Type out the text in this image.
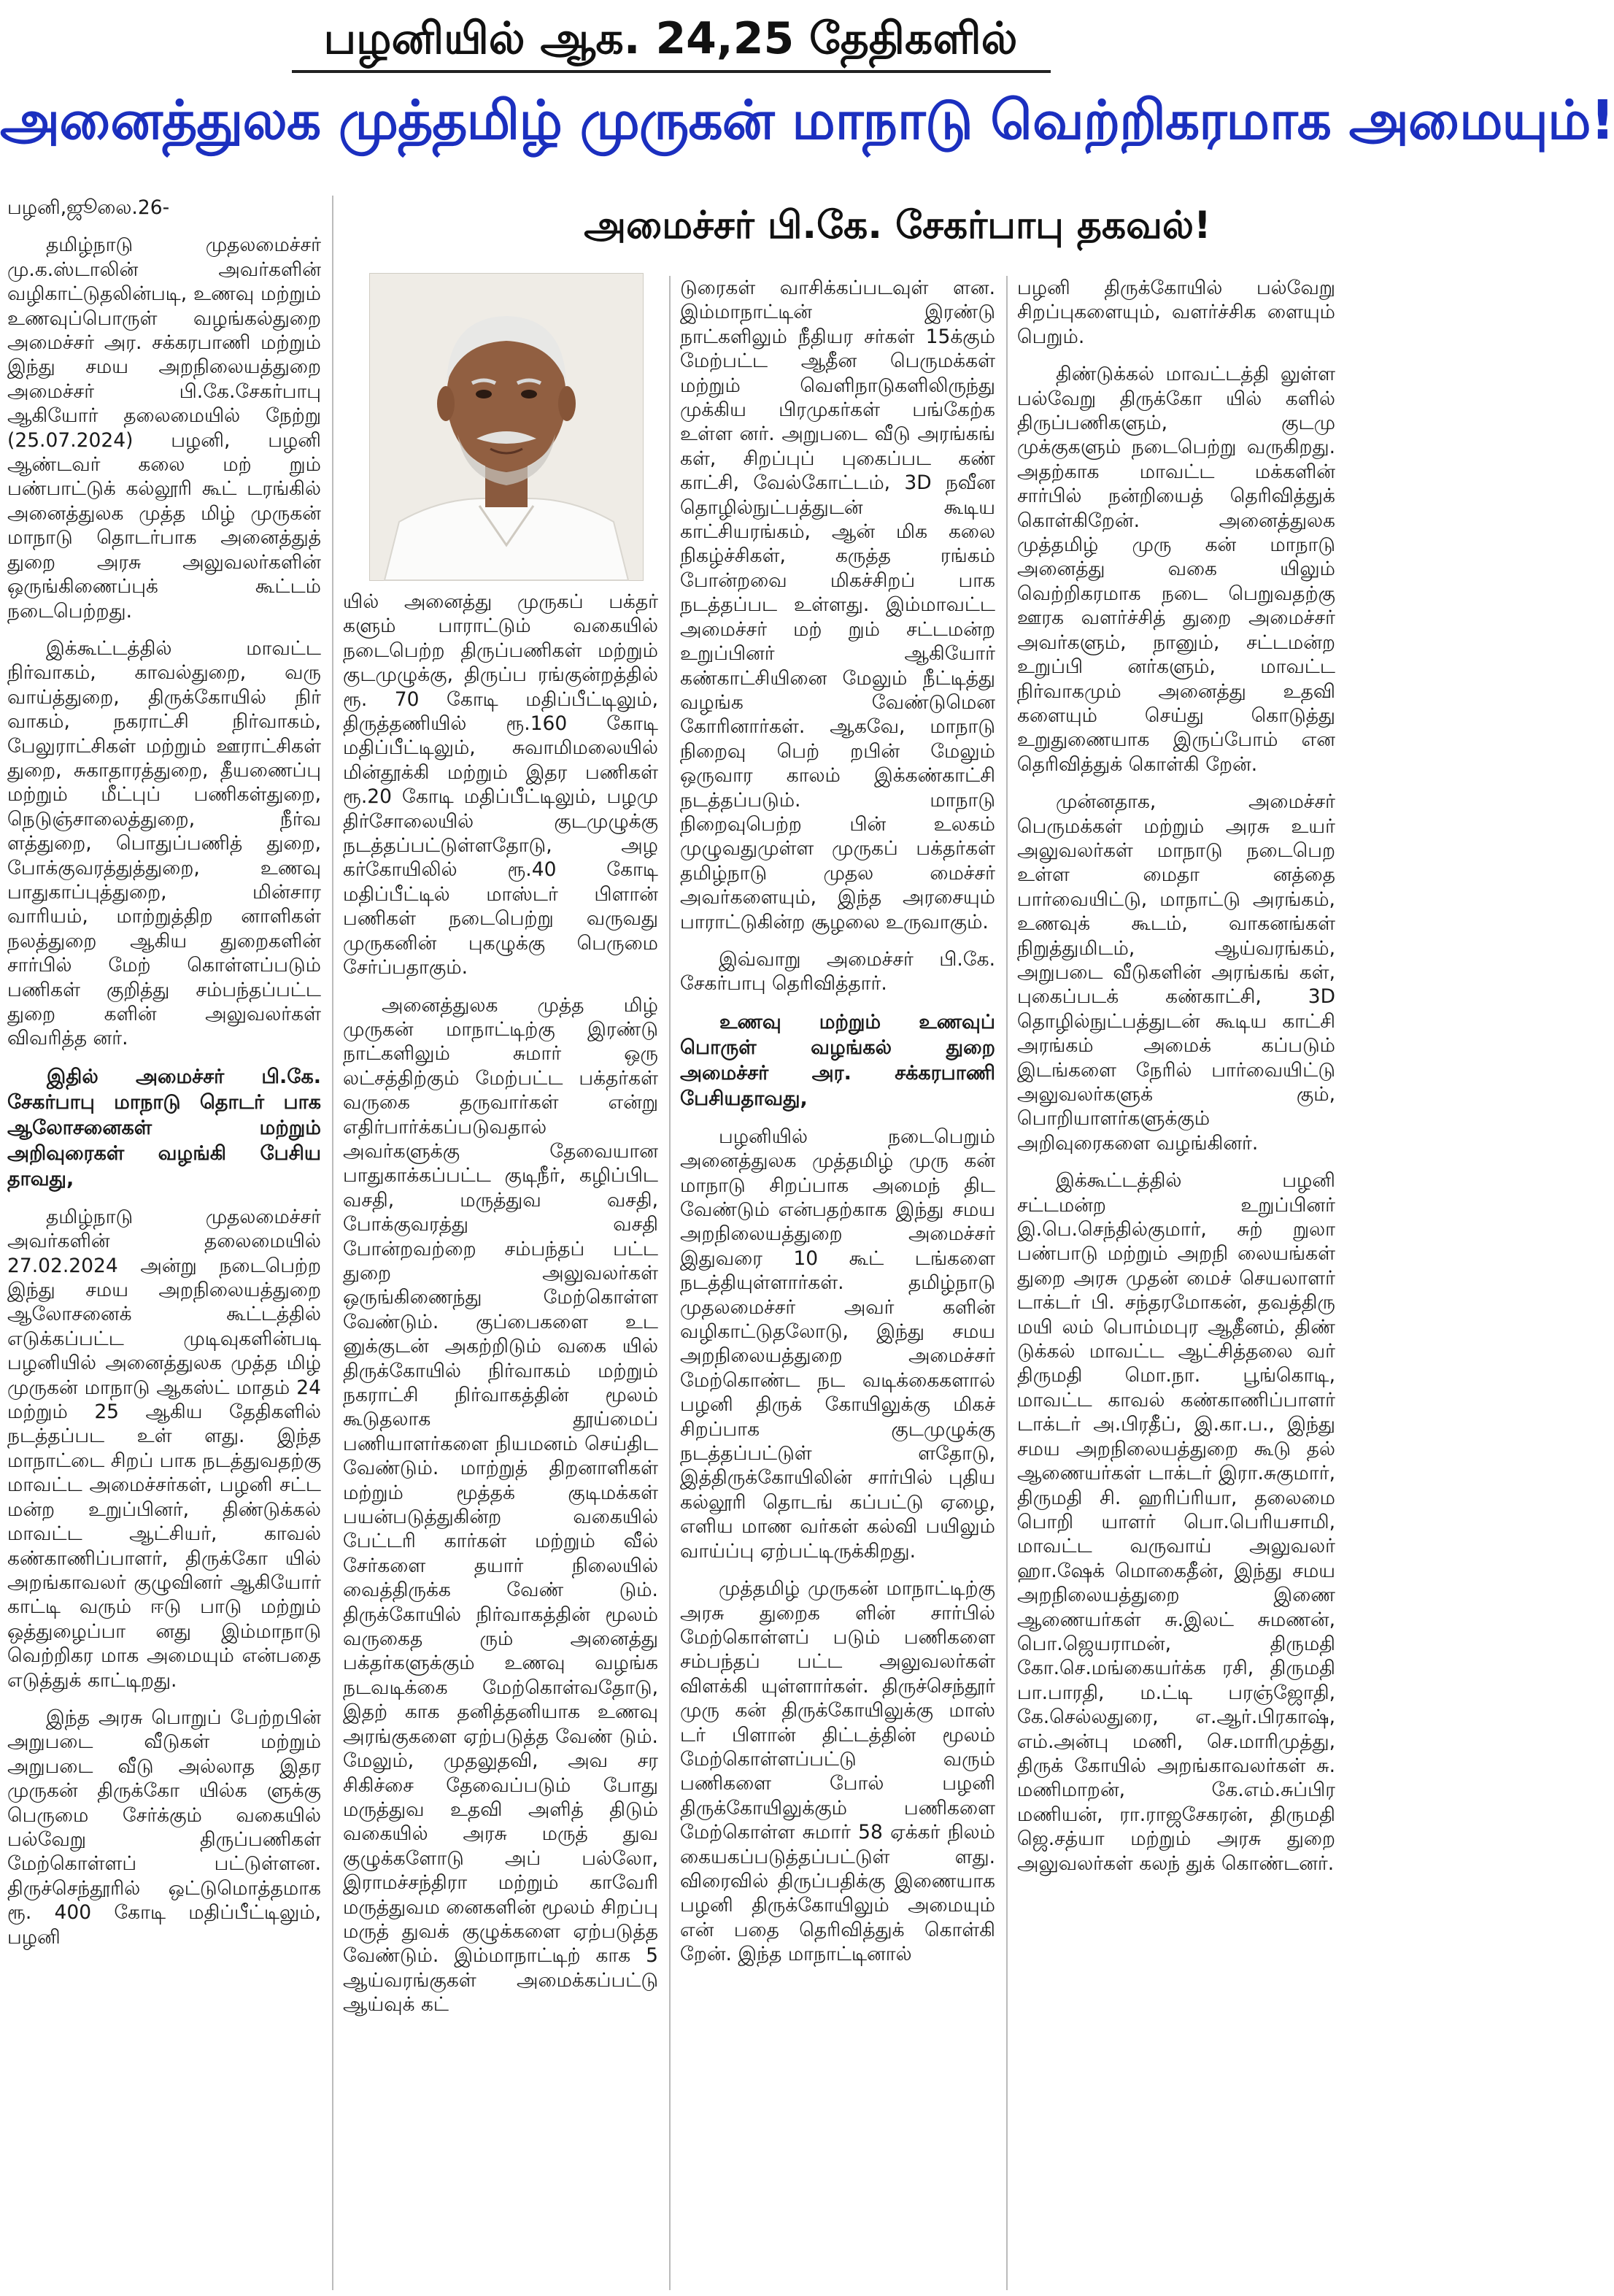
பழனியில் ஆக. 24,25 தேதிகளில்
அனைத்துலக முத்தமிழ் முருகன் மாநாடு வெற்றிகரமாக அமையும்!
அமைச்சர் பி.கே. சேகர்பாபு தகவல்!

பழனி,ஜூலை.26-

தமிழ்நாடு முதலமைச்சர் மு.க.ஸ்டாலின் அவர்களின் வழிகாட்டுதலின்படி, உணவு மற்றும் உணவுப்பொருள் வழங்கல்துறை அமைச்சர் அர. சக்கரபாணி மற்றும் இந்து சமய அறநிலையத்துறை அமைச்சர் பி.கே.சேகர்பாபு ஆகியோர் தலைமையில் நேற்று (25.07.2024) பழனி, பழனி ஆண்டவர் கலை மற் றும் பண்பாட்டுக் கல்லூரி கூட் டரங்கில் அனைத்துலக முத்த மிழ் முருகன் மாநாடு தொடர்பாக அனைத்துத் துறை அரசு அலுவலர்களின் ஒருங்கிணைப்புக் கூட்டம் நடைபெற்றது.

இக்கூட்டத்தில் மாவட்ட நிர்வாகம், காவல்துறை, வரு வாய்த்துறை, திருக்கோயில் நிர் வாகம், நகராட்சி நிர்வாகம், பேலுராட்சிகள் மற்றும் ஊராட்சிகள் துறை, சுகாதாரத்துறை, தீயணைப்பு மற்றும் மீட்புப் பணிகள்துறை, நெடுஞ்சாலைத்துறை, நீர்வ ளத்துறை, பொதுப்பணித் துறை, போக்குவரத்துத்துறை, உணவு பாதுகாப்புத்துறை, மின்சார வாரியம், மாற்றுத்திற னாளிகள் நலத்துறை ஆகிய துறைகளின் சார்பில் மேற் கொள்ளப்படும் பணிகள் குறித்து சம்பந்தப்பட்ட துறை களின் அலுவலர்கள் விவரித்த னர்.

இதில் அமைச்சர் பி.கே. சேகர்பாபு மாநாடு தொடர் பாக ஆலோசனைகள் மற்றும் அறிவுரைகள் வழங்கி பேசிய தாவது,

தமிழ்நாடு முதலமைச்சர் அவர்களின் தலைமையில் 27.02.2024 அன்று நடைபெற்ற இந்து சமய அறநிலையத்துறை ஆலோசனைக் கூட்டத்தில் எடுக்கப்பட்ட முடிவுகளின்படி பழனியில் அனைத்துலக முத்த மிழ் முருகன் மாநாடு ஆகஸ்ட் மாதம் 24 மற்றும் 25 ஆகிய தேதிகளில் நடத்தப்பட உள் ளது. இந்த மாநாட்டை சிறப் பாக நடத்துவதற்கு மாவட்ட அமைச்சர்கள், பழனி சட்ட மன்ற உறுப்பினர், திண்டுக்கல் மாவட்ட ஆட்சியர், காவல் கண்காணிப்பாளர், திருக்கோ யில் அறங்காவலர் குழுவினர் ஆகியோர் காட்டி வரும் ஈடு பாடு மற்றும் ஒத்துழைப்பா னது இம்மாநாடு வெற்றிகர மாக அமையும் என்பதை எடுத்துக் காட்டிறது.

இந்த அரசு பொறுப் பேற்றபின் அறுபடை வீடுகள் மற்றும் அறுபடை வீடு அல்லாத இதர முருகன் திருக்கோ யில்க ளுக்கு பெருமை சேர்க்கும் வகையில் பல்வேறு திருப்பணிகள் மேற்கொள்ளப் பட்டுள்ளன. திருச்செந்தூரில் ஒட்டுமொத்தமாக ரூ. 400 கோடி மதிப்பீட்டிலும், பழனி

யில் அனைத்து முருகப் பக்தர் களும் பாராட்டும் வகையில் நடைபெற்ற திருப்பணிகள் மற்றும் குடமுழுக்கு, திருப்ப ரங்குன்றத்தில் ரூ. 70 கோடி மதிப்பீட்டிலும், திருத்தணியில் ரூ.160 கோடி மதிப்பீட்டிலும், சுவாமிமலையில் மின்தூக்கி மற்றும் இதர பணிகள் ரூ.20 கோடி மதிப்பீட்டிலும், பழமு திர்சோலையில் குடமுழுக்கு நடத்தப்பட்டுள்ளதோடு, அழ கர்கோயிலில் ரூ.40 கோடி மதிப்பீட்டில் மாஸ்டர் பிளான் பணிகள் நடைபெற்று வருவது முருகனின் புகழுக்கு பெருமை சேர்ப்பதாகும்.

அனைத்துலக முத்த மிழ் முருகன் மாநாட்டிற்கு இரண்டு நாட்களிலும் சுமார் ஒரு லட்சத்திற்கும் மேற்பட்ட பக்தர்கள் வருகை தருவார்கள் என்று எதிர்பார்க்கப்படுவதால் அவர்களுக்கு தேவையான பாதுகாக்கப்பட்ட குடிநீர், கழிப்பிட வசதி, மருத்துவ வசதி, போக்குவரத்து வசதி போன்றவற்றை சம்பந்தப் பட்ட துறை அலுவலர்கள் ஒருங்கிணைந்து மேற்கொள்ள வேண்டும். குப்பைகளை உட னுக்குடன் அகற்றிடும் வகை யில் திருக்கோயில் நிர்வாகம் மற்றும் நகராட்சி நிர்வாகத்தின் மூலம் கூடுதலாக தூய்மைப் பணியாளர்களை நியமனம் செய்திட வேண்டும். மாற்றுத் திறனாளிகள் மற்றும் மூத்தக் குடிமக்கள் பயன்படுத்துகின்ற வகையில் பேட்டரி கார்கள் மற்றும் வீல் சேர்களை தயார் நிலையில் வைத்திருக்க வேண் டும். திருக்கோயில் நிர்வாகத்தின் மூலம் வருகைத ரும் அனைத்து பக்தர்களுக்கும் உணவு வழங்க நடவடிக்கை மேற்கொள்வதோடு, இதற் காக தனித்தனியாக உணவு அரங்குகளை ஏற்படுத்த வேண் டும். மேலும், முதலுதவி, அவ சர சிகிச்சை தேவைப்படும் போது மருத்துவ உதவி அளித் திடும் வகையில் அரசு மருத் துவ குழுக்களோடு அப் பல்லோ, இராமச்சந்திரா மற்றும் காவேரி மருத்துவம னைகளின் மூலம் சிறப்பு மருத் துவக் குழுக்களை ஏற்படுத்த வேண்டும். இம்மாநாட்டிற் காக 5 ஆய்வரங்குகள் அமைக்கப்பட்டு ஆய்வுக் கட்

டுரைகள் வாசிக்கப்படவுள் ளன. இம்மாநாட்டின் இரண்டு நாட்களிலும் நீதியர சர்கள் 15க்கும் மேற்பட்ட ஆதீன பெருமக்கள் மற்றும் வெளிநாடுகளிலிருந்து முக்கிய பிரமுகர்கள் பங்கேற்க உள்ள னர். அறுபடை வீடு அரங்கங் கள், சிறப்புப் புகைப்பட கண் காட்சி, வேல்கோட்டம், 3D நவீன தொழில்நுட்பத்துடன் கூடிய காட்சியரங்கம், ஆன் மிக கலை நிகழ்ச்சிகள், கருத்த ரங்கம் போன்றவை மிகச்சிறப் பாக நடத்தப்பட உள்ளது. இம்மாவட்ட அமைச்சர் மற் றும் சட்டமன்ற உறுப்பினர் ஆகியோர் கண்காட்சியினை மேலும் நீட்டித்து வழங்க வேண்டுமென கோரினார்கள். ஆகவே, மாநாடு நிறைவு பெற் றபின் மேலும் ஒருவார காலம் இக்கண்காட்சி நடத்தப்படும். மாநாடு நிறைவுபெற்ற பின் உலகம் முழுவதுமுள்ள முருகப் பக்தர்கள் தமிழ்நாடு முதல மைச்சர் அவர்களையும், இந்த அரசையும் பாராட்டுகின்ற சூழலை உருவாகும்.

இவ்வாறு அமைச்சர் பி.கே. சேகர்பாபு தெரிவித்தார்.

உணவு மற்றும் உணவுப் பொருள் வழங்கல் துறை அமைச்சர் அர. சக்கரபாணி பேசியதாவது,

பழனியில் நடைபெறும் அனைத்துலக முத்தமிழ் முரு கன் மாநாடு சிறப்பாக அமைந் திட வேண்டும் என்பதற்காக இந்து சமய அறநிலையத்துறை அமைச்சர் இதுவரை 10 கூட் டங்களை நடத்தியுள்ளார்கள். தமிழ்நாடு முதலமைச்சர் அவர் களின் வழிகாட்டுதலோடு, இந்து சமய அறநிலையத்துறை அமைச்சர் மேற்கொண்ட நட வடிக்கைகளால் பழனி திருக் கோயிலுக்கு மிகச் சிறப்பாக குடமுழுக்கு நடத்தப்பட்டுள் ளதோடு, இத்திருக்கோயிலின் சார்பில் புதிய கல்லூரி தொடங் கப்பட்டு ஏழை, எளிய மாண வர்கள் கல்வி பயிலும் வாய்ப்பு ஏற்பட்டிருக்கிறது.

முத்தமிழ் முருகன் மாநாட்டிற்கு அரசு துறைக ளின் சார்பில் மேற்கொள்ளப் படும் பணிகளை சம்பந்தப் பட்ட அலுவலர்கள் விளக்கி யுள்ளார்கள். திருச்செந்தூர் முரு கன் திருக்கோயிலுக்கு மாஸ் டர் பிளான் திட்டத்தின் மூலம் மேற்கொள்ளப்பட்டு வரும் பணிகளை போல் பழனி திருக்கோயிலுக்கும் பணிகளை மேற்கொள்ள சுமார் 58 ஏக்கர் நிலம் கையகப்படுத்தப்பட்டுள் ளது. விரைவில் திருப்பதிக்கு இணையாக பழனி திருக்கோயிலும் அமையும் என் பதை தெரிவித்துக் கொள்கி றேன். இந்த மாநாட்டினால்

பழனி திருக்கோயில் பல்வேறு சிறப்புகளையும், வளர்ச்சிக ளையும் பெறும்.

திண்டுக்கல் மாவட்டத்தி லுள்ள பல்வேறு திருக்கோ யில் களில் திருப்பணிகளும், குடமு முக்குகளும் நடைபெற்று வருகிறது. அதற்காக மாவட்ட மக்களின் சார்பில் நன்றியைத் தெரிவித்துக் கொள்கிறேன். அனைத்துலக முத்தமிழ் முரு கன் மாநாடு அனைத்து வகை யிலும் வெற்றிகரமாக நடை பெறுவதற்கு ஊரக வளர்ச்சித் துறை அமைச்சர் அவர்களும், நானும், சட்டமன்ற உறுப்பி னர்களும், மாவட்ட நிர்வாகமும் அனைத்து உதவி களையும் செய்து கொடுத்து உறுதுணையாக இருப்போம் என தெரிவித்துக் கொள்கி றேன்.

முன்னதாக, அமைச்சர் பெருமக்கள் மற்றும் அரசு உயர் அலுவலர்கள் மாநாடு நடைபெற உள்ள மைதா னத்தை பார்வையிட்டு, மாநாட்டு அரங்கம், உணவுக் கூடம், வாகனங்கள் நிறுத்துமிடம், ஆய்வரங்கம், அறுபடை வீடுகளின் அரங்கங் கள், புகைப்படக் கண்காட்சி, 3D தொழில்நுட்பத்துடன் கூடிய காட்சி அரங்கம் அமைக் கப்படும் இடங்களை நேரில் பார்வையிட்டு அலுவலர்களுக் கும், பொறியாளர்களுக்கும் அறிவுரைகளை வழங்கினர்.

இக்கூட்டத்தில் பழனி சட்டமன்ற உறுப்பினர் இ.பெ.செந்தில்குமார், சுற் றுலா பண்பாடு மற்றும் அறநி லையங்கள் துறை அரசு முதன் மைச் செயலாளர் டாக்டர் பி. சந்தரமோகன், தவத்திரு மயி லம் பொம்மபுர ஆதீனம், திண் டுக்கல் மாவட்ட ஆட்சித்தலை வர் திருமதி மொ.நா. பூங்கொடி, மாவட்ட காவல் கண்காணிப்பாளர் டாக்டர் அ.பிரதீப், இ.கா.ப., இந்து சமய அறநிலையத்துறை கூடு தல் ஆணையர்கள் டாக்டர் இரா.சுகுமார், திருமதி சி. ஹரிப்ரியா, தலைமை பொறி யாளர் பொ.பெரியசாமி, மாவட்ட வருவாய் அலுவலர் ஹா.ஷேக் மொகைதீன், இந்து சமய அறநிலையத்துறை இணை ஆணையர்கள் சு.இலட் சுமணன், பொ.ஜெயராமன், திருமதி கோ.செ.மங்கையர்க்க ரசி, திருமதி பா.பாரதி, ம.ட்டி பரஞ்ஜோதி, கே.செல்லதுரை, எ.ஆர்.பிரகாஷ், எம்.அன்பு மணி, செ.மாரிமுத்து, திருக் கோயில் அறங்காவலர்கள் சு. மணிமாறன், கே.எம்.சுப்பிர மணியன், ரா.ராஜசேகரன், திருமதி ஜெ.சத்யா மற்றும் அரசு துறை அலுவலர்கள் கலந் துக் கொண்டனர்.
